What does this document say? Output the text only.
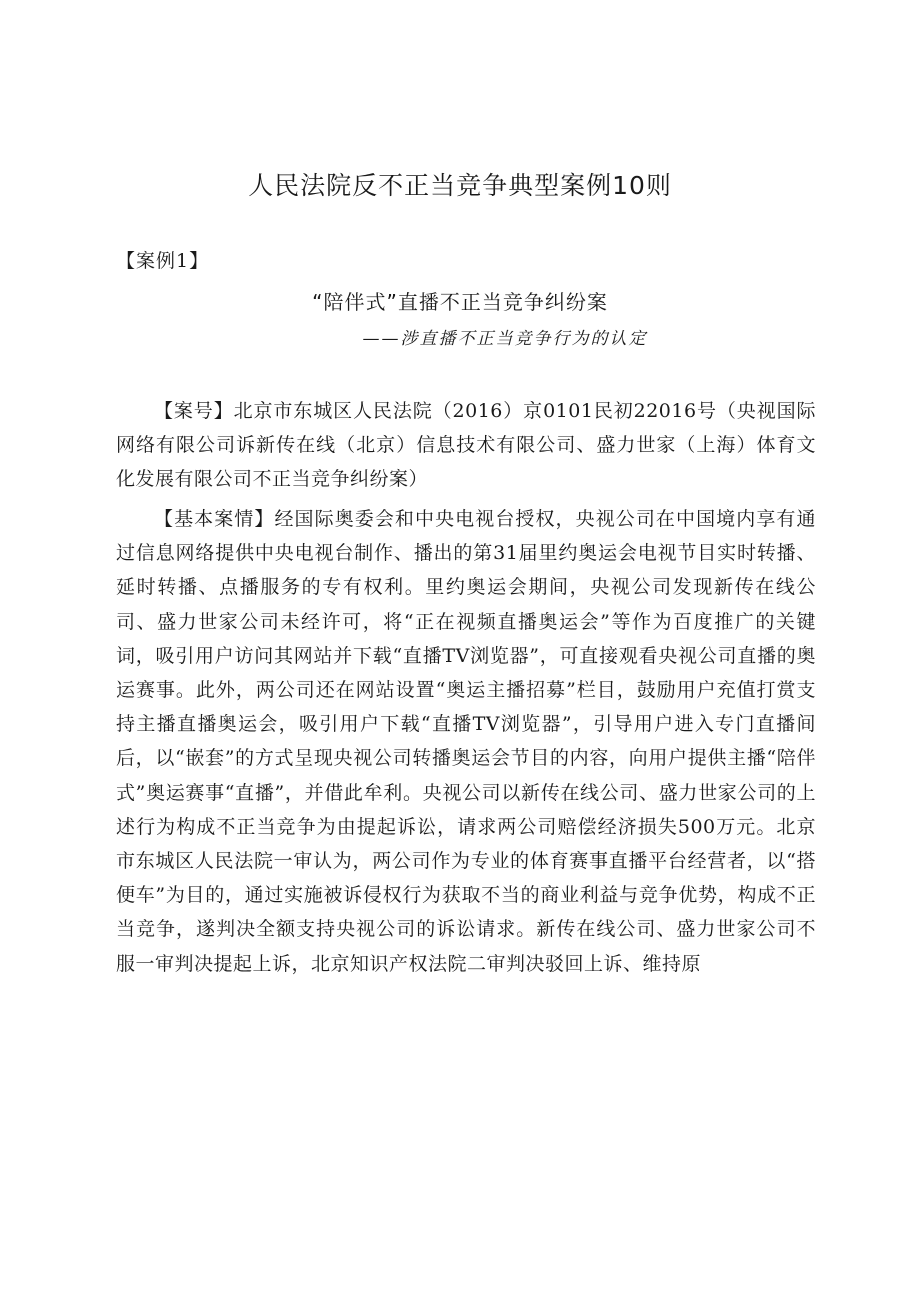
人民法院反不正当竞争典型案例10则

【案例1】

“陪伴式”直播不正当竞争纠纷案

——涉直播不正当竞争行为的认定

【案号】北京市东城区人民法院（2016）京0101民初22016号（央视国际网络有限公司诉新传在线（北京）信息技术有限公司、盛力世家（上海）体育文化发展有限公司不正当竞争纠纷案）

【基本案情】经国际奥委会和中央电视台授权，央视公司在中国境内享有通过信息网络提供中央电视台制作、播出的第31届里约奥运会电视节目实时转播、延时转播、点播服务的专有权利。里约奥运会期间，央视公司发现新传在线公司、盛力世家公司未经许可，将“正在视频直播奥运会”等作为百度推广的关键词，吸引用户访问其网站并下载“直播TV浏览器”，可直接观看央视公司直播的奥运赛事。此外，两公司还在网站设置“奥运主播招募”栏目，鼓励用户充值打赏支持主播直播奥运会，吸引用户下载“直播TV浏览器”，引导用户进入专门直播间后，以“嵌套”的方式呈现央视公司转播奥运会节目的内容，向用户提供主播“陪伴式”奥运赛事“直播”，并借此牟利。央视公司以新传在线公司、盛力世家公司的上述行为构成不正当竞争为由提起诉讼，请求两公司赔偿经济损失500万元。北京市东城区人民法院一审认为，两公司作为专业的体育赛事直播平台经营者，以“搭便车”为目的，通过实施被诉侵权行为获取不当的商业利益与竞争优势，构成不正当竞争，遂判决全额支持央视公司的诉讼请求。新传在线公司、盛力世家公司不服一审判决提起上诉，北京知识产权法院二审判决驳回上诉、维持原
